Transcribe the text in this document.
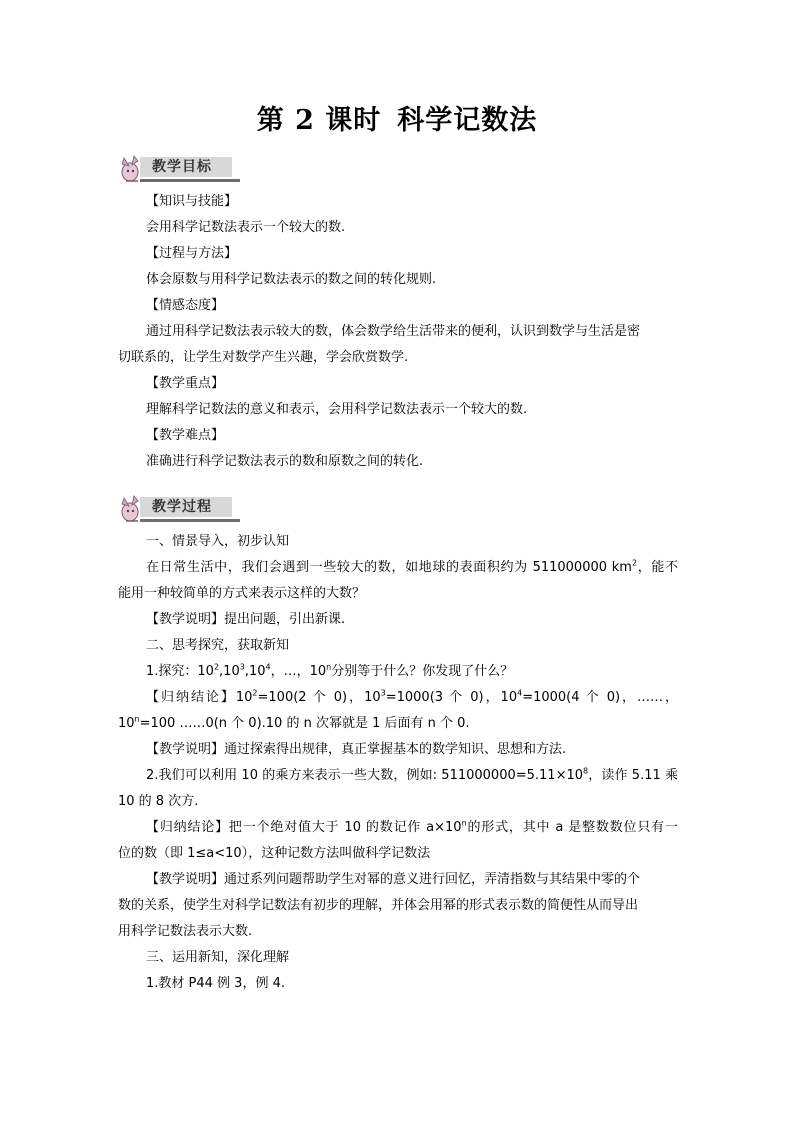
第 2 课时 科学记数法
教学目标
【知识与技能】
会用科学记数法表示一个较大的数.
【过程与方法】
体会原数与用科学记数法表示的数之间的转化规则.
【情感态度】
通过用科学记数法表示较大的数，体会数学给生活带来的便利，认识到数学与生活是密
切联系的，让学生对数学产生兴趣，学会欣赏数学.
【教学重点】
理解科学记数法的意义和表示，会用科学记数法表示一个较大的数.
【教学难点】
准确进行科学记数法表示的数和原数之间的转化.
教学过程
一、情景导入，初步认知
在日常生活中，我们会遇到一些较大的数，如地球的表面积约为 511000000 $km^2$，能不
能用一种较简单的方式来表示这样的大数？
【教学说明】提出问题，引出新课.
二、思考探究，获取新知
1.探究：$10^2,10^3,10^4$，…，10$^n$分别等于什么？你发现了什么？
【归纳结论】$10^2=100(2$ 个 0)，$10^3=1000(3$ 个 0)，$10^4=1000(4$ 个 0)，……，
$10^n=100$ ……0(n 个 0).10 的 n 次幂就是 1 后面有 n 个 0.
【教学说明】通过探索得出规律，真正掌握基本的数学知识、思想和方法.
2.我们可以利用 10 的乘方来表示一些大数，例如: $511000000=5.11\times 10^8$，读作 5.11 乘
10 的 8 次方.
【归纳结论】把一个绝对值大于 10 的数记作 $a\times 10^n$的形式，其中 a 是整数数位只有一
位的数（即 1≤a<10），这种记数方法叫做科学记数法
【教学说明】通过系列问题帮助学生对幂的意义进行回忆，弄清指数与其结果中零的个
数的关系，使学生对科学记数法有初步的理解，并体会用幂的形式表示数的简便性从而导出
用科学记数法表示大数.
三、运用新知，深化理解
1.教材 P44 例 3，例 4.
